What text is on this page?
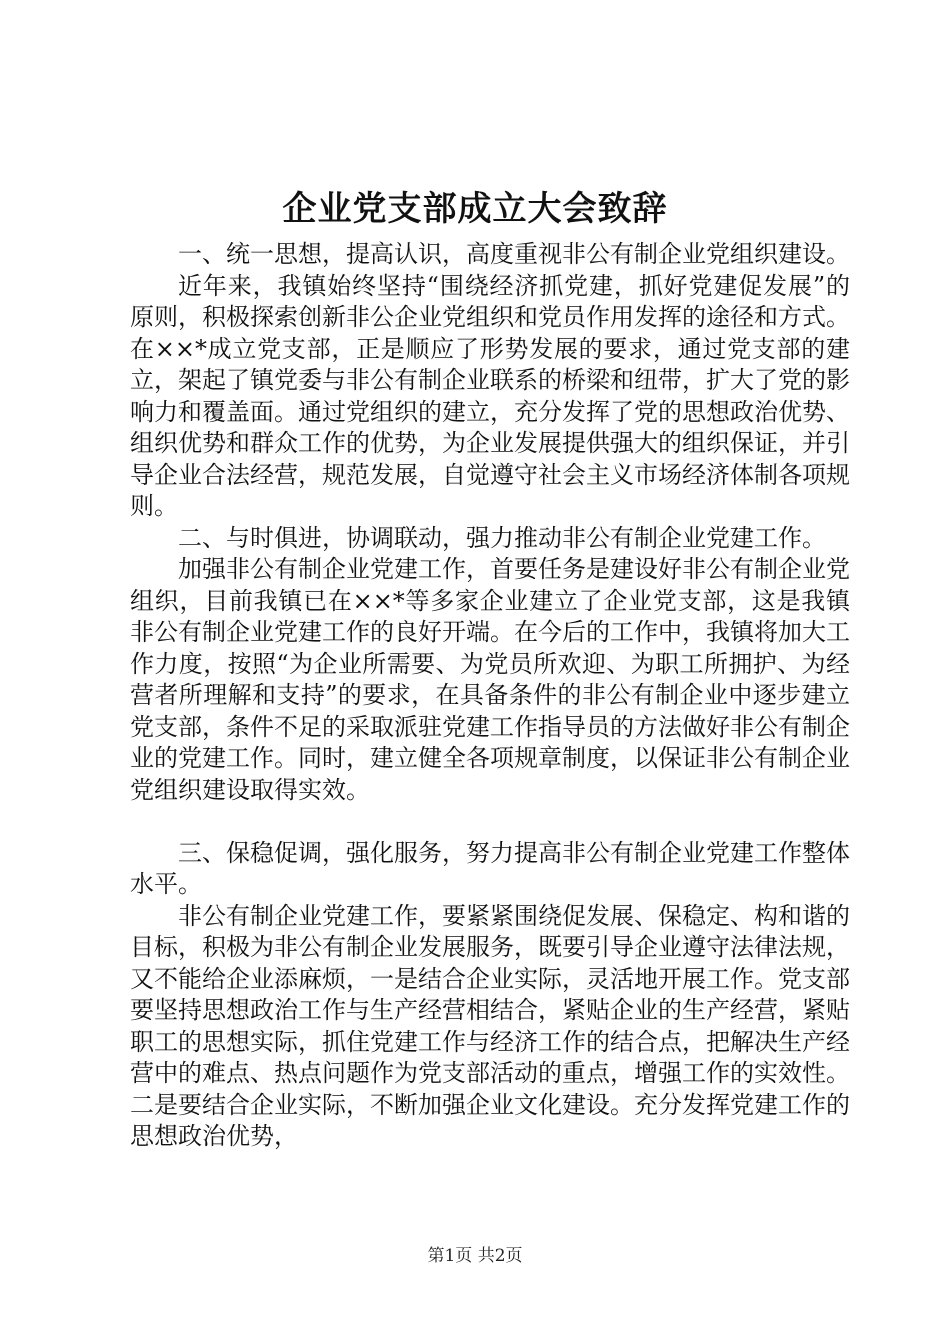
企业党支部成立大会致辞

一、统一思想，提高认识，高度重视非公有制企业党组织建设。

近年来，我镇始终坚持“围绕经济抓党建，抓好党建促发展”的原则，积极探索创新非公企业党组织和党员作用发挥的途径和方式。在××*成立党支部，正是顺应了形势发展的要求，通过党支部的建立，架起了镇党委与非公有制企业联系的桥梁和纽带，扩大了党的影响力和覆盖面。通过党组织的建立，充分发挥了党的思想政治优势、组织优势和群众工作的优势，为企业发展提供强大的组织保证，并引导企业合法经营，规范发展，自觉遵守社会主义市场经济体制各项规则。

二、与时俱进，协调联动，强力推动非公有制企业党建工作。

加强非公有制企业党建工作，首要任务是建设好非公有制企业党组织，目前我镇已在××*等多家企业建立了企业党支部，这是我镇非公有制企业党建工作的良好开端。在今后的工作中，我镇将加大工作力度，按照“为企业所需要、为党员所欢迎、为职工所拥护、为经营者所理解和支持”的要求，在具备条件的非公有制企业中逐步建立党支部，条件不足的采取派驻党建工作指导员的方法做好非公有制企业的党建工作。同时，建立健全各项规章制度，以保证非公有制企业党组织建设取得实效。

三、保稳促调，强化服务，努力提高非公有制企业党建工作整体水平。

非公有制企业党建工作，要紧紧围绕促发展、保稳定、构和谐的目标，积极为非公有制企业发展服务，既要引导企业遵守法律法规，又不能给企业添麻烦，一是结合企业实际，灵活地开展工作。党支部要坚持思想政治工作与生产经营相结合，紧贴企业的生产经营，紧贴职工的思想实际，抓住党建工作与经济工作的结合点，把解决生产经营中的难点、热点问题作为党支部活动的重点，增强工作的实效性。二是要结合企业实际，不断加强企业文化建设。充分发挥党建工作的思想政治优势，

第1页 共2页
